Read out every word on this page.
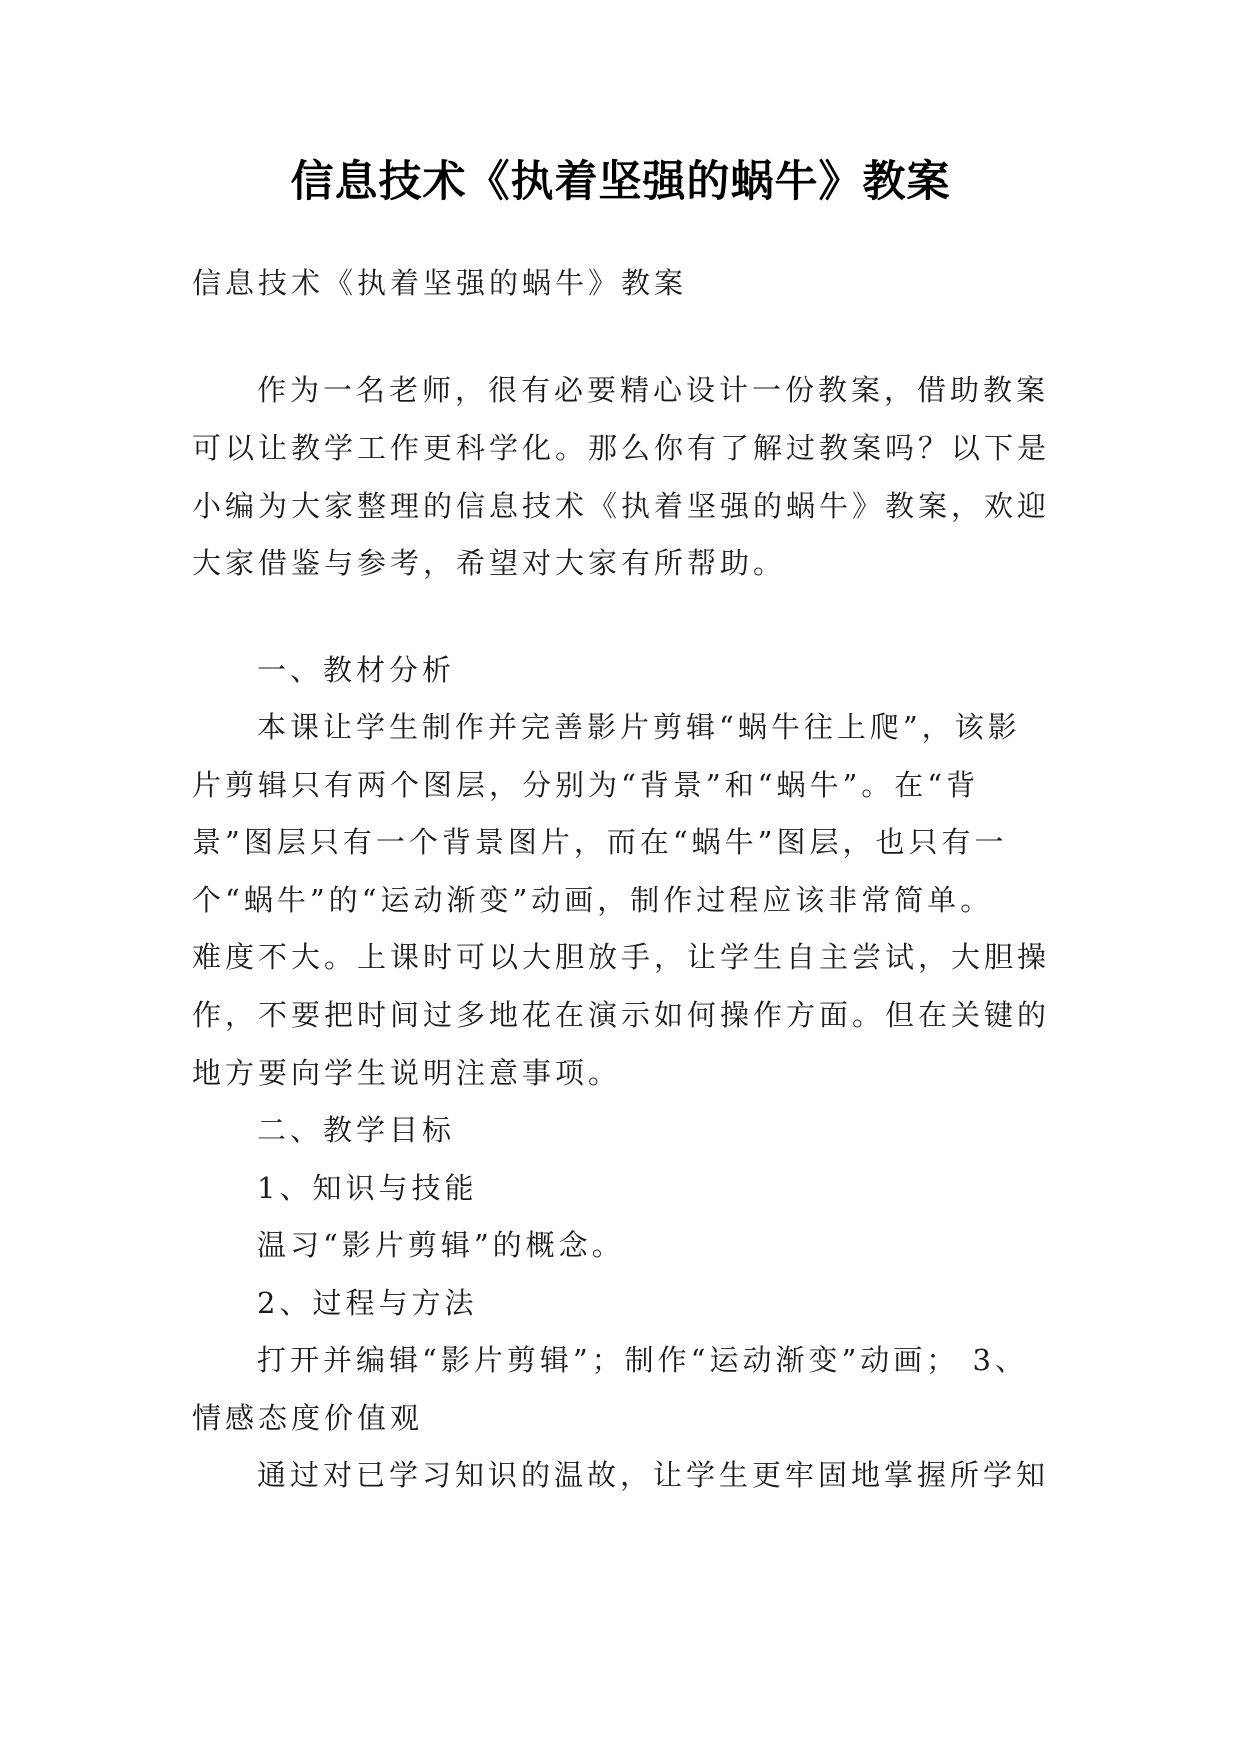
信息技术《执着坚强的蜗牛》教案
信息技术《执着坚强的蜗牛》教案
作为一名老师，很有必要精心设计一份教案，借助教案
可以让教学工作更科学化。那么你有了解过教案吗？以下是
小编为大家整理的信息技术《执着坚强的蜗牛》教案，欢迎
大家借鉴与参考，希望对大家有所帮助。
一、教材分析
本课让学生制作并完善影片剪辑“蜗牛往上爬”，该影
片剪辑只有两个图层，分别为“背景”和“蜗牛”。在“背
景”图层只有一个背景图片，而在“蜗牛”图层，也只有一
个“蜗牛”的“运动渐变”动画，制作过程应该非常简单。
难度不大。上课时可以大胆放手，让学生自主尝试，大胆操
作，不要把时间过多地花在演示如何操作方面。但在关键的
地方要向学生说明注意事项。
二、教学目标
1、知识与技能
温习“影片剪辑”的概念。
2、过程与方法
打开并编辑“影片剪辑”；制作“运动渐变”动画； 3、
情感态度价值观
通过对已学习知识的温故，让学生更牢固地掌握所学知
